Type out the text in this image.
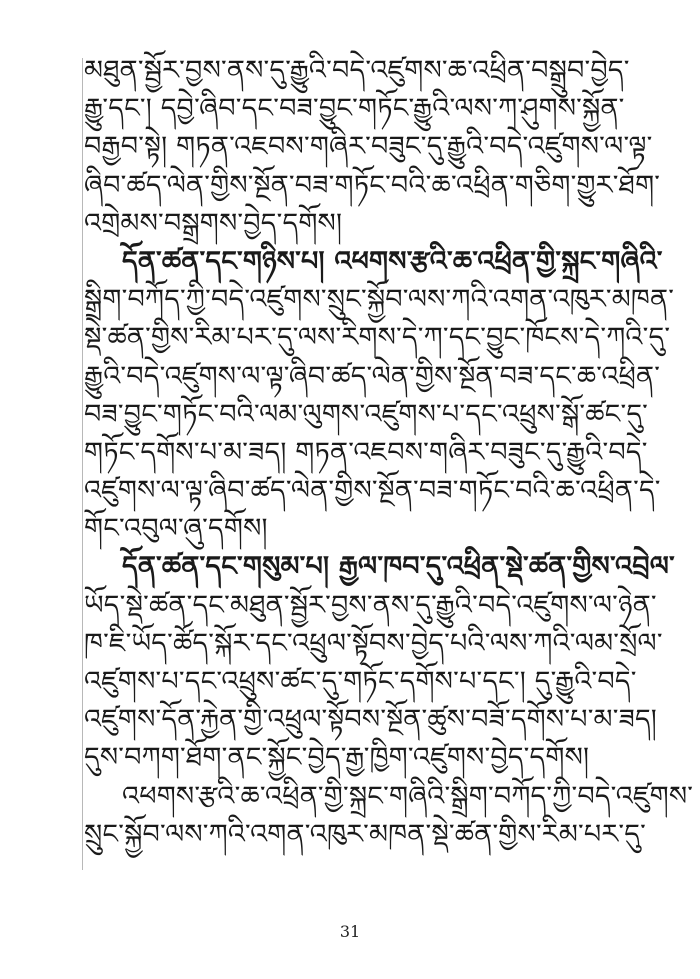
མཐུན་སྦྱོར་བྱས་ནས་དུ་རྒྱུའི་བདེ་འཛུགས་ཆ་འཕྲིན་བསྒྲུབ་བྱེད་
རྒྱུ་དང་། དབྱེ་ཞིབ་དང་བཟ་བྱུང་གཏོང་རྒྱུའི་ལས་ཀ་ཤུགས་སྐྱོན་
བརྒྱབ་སྟེ། གཏན་འཇབས་གཞིར་བཟུང་དུ་རྒྱུའི་བདེ་འཛུགས་ལ་ལྟ་
ཞིབ་ཚད་ལེན་གྱིས་སྔོན་བཟ་གཏོང་བའི་ཆ་འཕྲིན་གཅིག་གྱུར་ཐོག་
འགྲེམས་བསྒྲགས་བྱེད་དགོས།
དོན་ཚན་དང་གཉིས་པ། འཕགས་རྩའི་ཆ་འཕྲིན་གྱི་སྐྲང་གཞིའི་
སྒྲིག་བཀོད་ཀྱི་བདེ་འཛུགས་སྲུང་སྐྱོབ་ལས་ཀའི་འགན་འཁུར་མཁན་
སྡེ་ཚན་གྱིས་རིམ་པར་དུ་ལས་རིགས་དེ་ཀ་དང་བྱུང་ཁོངས་དེ་ཀའི་དུ་
རྒྱུའི་བདེ་འཛུགས་ལ་ལྟ་ཞིབ་ཚད་ལེན་གྱིས་སྔོན་བཟ་དང་ཆ་འཕྲིན་
བཟ་བྱུང་གཏོང་བའི་ལམ་ལུགས་འཛུགས་པ་དང་འཕྲུས་སྒོ་ཚང་དུ་
གཏོང་དགོས་པ་མ་ཟད། གཏན་འཇབས་གཞིར་བཟུང་དུ་རྒྱུའི་བདེ་
འཛུགས་ལ་ལྟ་ཞིབ་ཚད་ལེན་གྱིས་སྔོན་བཟ་གཏོང་བའི་ཆ་འཕྲིན་དེ་
གོང་འབུལ་ཞུ་དགོས།
དོན་ཚན་དང་གསུམ་པ། རྒྱལ་ཁབ་དུ་འཕྲིན་སྡེ་ཚན་གྱིས་འབྲེལ་
ཡོད་སྡེ་ཚན་དང་མཐུན་སྦྱོར་བྱས་ནས་དུ་རྒྱུའི་བདེ་འཛུགས་ལ་ཉེན་
ཁ་ཇི་ཡོད་ཚོད་སྐོར་དང་འཕྲུལ་སྟོབས་བྱེད་པའི་ལས་ཀའི་ལམ་སྲོལ་
འཛུགས་པ་དང་འཕྲུས་ཚང་དུ་གཏོང་དགོས་པ་དང་། དུ་རྒྱུའི་བདེ་
འཛུགས་དོན་རྐྱེན་གྱི་འཕྲུལ་སྟོབས་སྔོན་ཚུས་བཟོ་དགོས་པ་མ་ཟད།
དུས་བཀག་ཐོག་ནང་སྐྱོང་བྱེད་རྒྱ་ཁྱིག་འཛུགས་བྱེད་དགོས།
འཕགས་རྩའི་ཆ་འཕྲིན་གྱི་སྐྲང་གཞིའི་སྒྲིག་བཀོད་ཀྱི་བདེ་འཛུགས་
སྲུང་སྐྱོབ་ལས་ཀའི་འགན་འཁུར་མཁན་སྡེ་ཚན་གྱིས་རིམ་པར་དུ་
31
